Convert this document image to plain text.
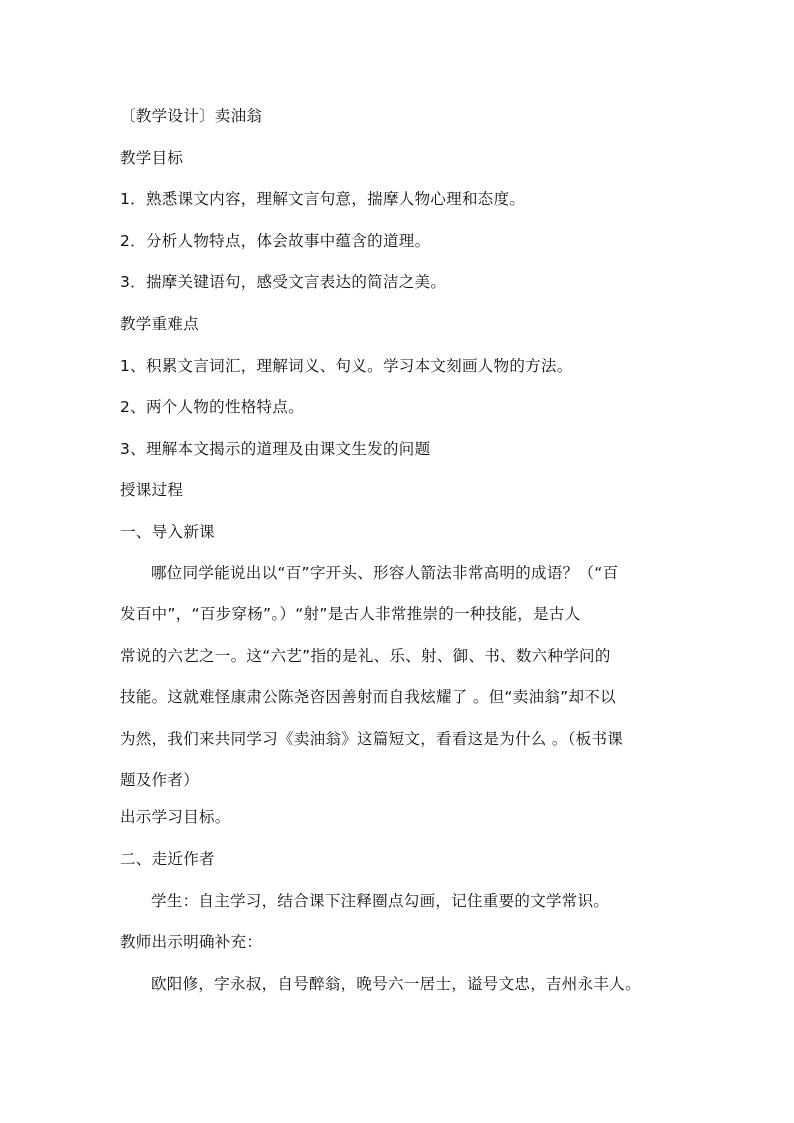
〔教学设计〕卖油翁
教学目标
1．熟悉课文内容，理解文言句意，揣摩人物心理和态度。
2．分析人物特点，体会故事中蕴含的道理。
3．揣摩关键语句，感受文言表达的简洁之美。
教学重难点
1、积累文言词汇，理解词义、句义。学习本文刻画人物的方法。
2、两个人物的性格特点。
3、理解本文揭示的道理及由课文生发的问题
授课过程
一、导入新课
哪位同学能说出以“百”字开头、形容人箭法非常高明的成语？（“百
发百中”，“百步穿杨”。）“射”是古人非常推崇的一种技能，是古人
常说的六艺之一。这“六艺”指的是礼、乐、射、御、书、数六种学问的
技能。这就难怪康肃公陈尧咨因善射而自我炫耀了 。但“卖油翁”却不以
为然，我们来共同学习《卖油翁》这篇短文，看看这是为什么 。（板书课
题及作者）
出示学习目标。
二、走近作者
学生：自主学习，结合课下注释圈点勾画，记住重要的文学常识。
教师出示明确补充：
欧阳修，字永叔，自号醉翁，晚号六一居士，谥号文忠，吉州永丰人。
